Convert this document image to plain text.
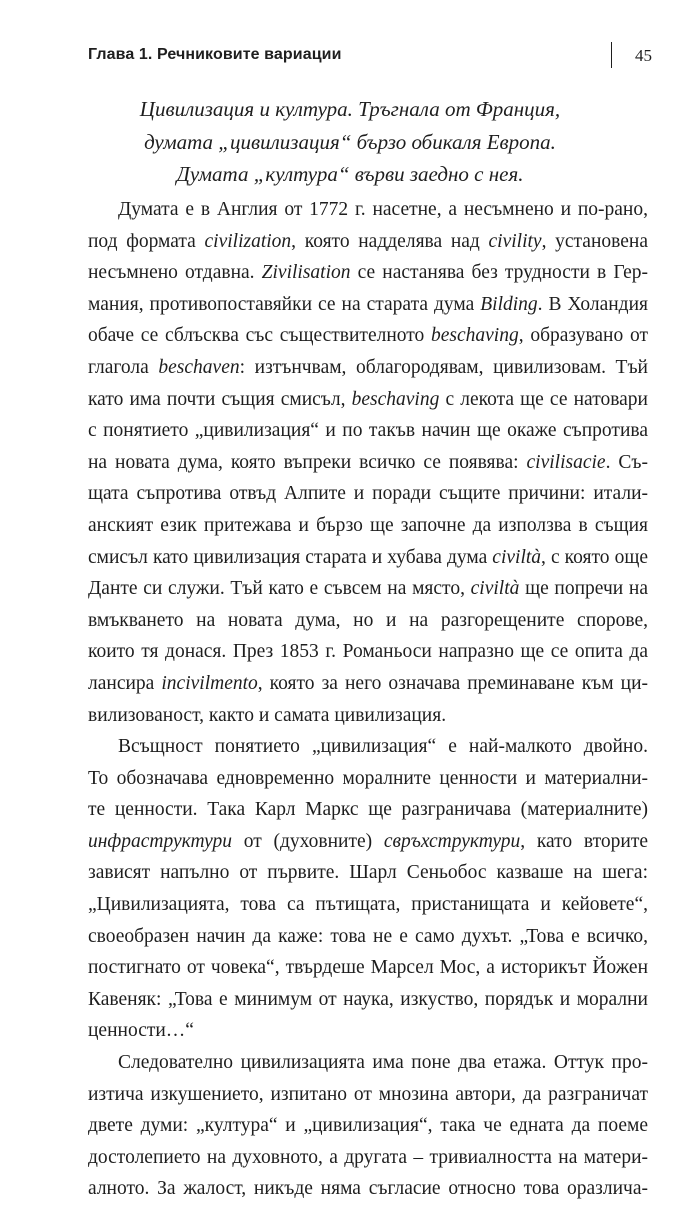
Глава 1. Речниковите вариации	45
Цивилизация и култура. Тръгнала от Франция,
думата „цивилизация“ бързо обикаля Европа.
Думата „култура“ върви заедно с нея.
Думата е в Англия от 1772 г. насетне, а несъмнено и по-рано,
под формата civilization, която надделява над civility, установена
несъмнено отдавна. Zivilisation се настанява без трудности в Гер-
мания, противопоставяйки се на старата дума Bilding. В Холандия
обаче се сблъсква със съществителното beschaving, образувано от
глагола beschaven: изтънчвам, облагородявам, цивилизовам. Тъй
като има почти същия смисъл, beschaving с лекота ще се натовари
с понятието „цивилизация“ и по такъв начин ще окаже съпротива
на новата дума, която въпреки всичко се появява: civilisacie. Съ-
щата съпротива отвъд Алпите и поради същите причини: итали-
анският език притежава и бързо ще започне да използва в същия
смисъл като цивилизация старата и хубава дума civiltà, с която още
Данте си служи. Тъй като е съвсем на място, civiltà ще попречи на
вмъкването на новата дума, но и на разгорещените спорове,
които тя донася. През 1853 г. Романьоси напразно ще се опита да
лансира incivilmento, която за него означава преминаване към ци-
вилизованост, както и самата цивилизация.
Всъщност понятието „цивилизация“ е най-малкото двойно.
То обозначава едновременно моралните ценности и материални-
те ценности. Така Карл Маркс ще разграничава (материалните)
инфраструктури от (духовните) свръхструктури, като вторите
зависят напълно от първите. Шарл Сеньобос казваше на шега:
„Цивилизацията, това са пътищата, пристанищата и кейовете“,
своеобразен начин да каже: това не е само духът. „Това е всичко,
постигнато от човека“, твърдеше Марсел Мос, а историкът Йожен
Кавеняк: „Това е минимум от наука, изкуство, порядък и морални
ценности…“
Следователно цивилизацията има поне два етажа. Оттук про-
изтича изкушението, изпитано от мнозина автори, да разграничат
двете думи: „култура“ и „цивилизация“, така че едната да поеме
достолепието на духовното, а другата – тривиалността на матери-
алното. За жалост, никъде няма съгласие относно това оразлича-
